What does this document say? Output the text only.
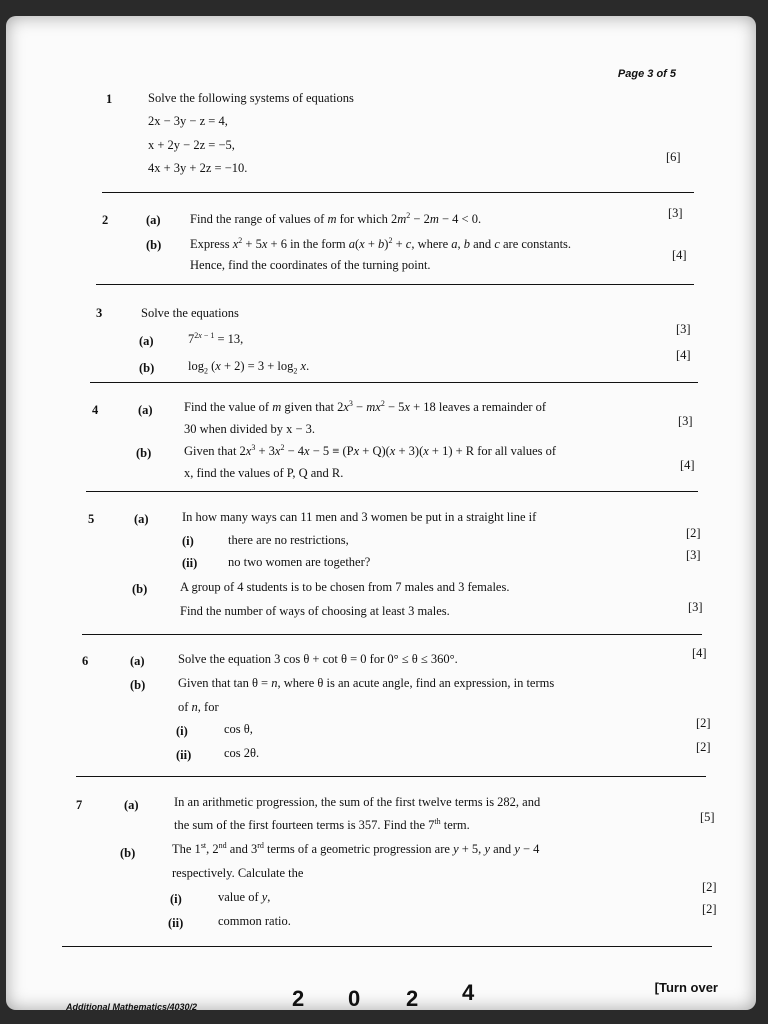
Page 3 of 5
1	Solve the following systems of equations
2x − 3y − z = 4,
x + 2y − 2z = −5,
4x + 3y + 2z = −10.
[6]
2	(a) Find the range of values of m for which $2m^2 - 2m - 4 < 0$.	[3]
(b) Express $x^2 + 5x + 6$ in the form $a(x + b)^2 + c$, where a, b and c are constants.
Hence, find the coordinates of the turning point.
[4]
3	Solve the equations
(a)	$7^{2x - 1} = 13$,
[3]
(b)	$\log_2 (x + 2) = 3 + \log_2 x$.
[4]
4	(a)	Find the value of m given that $2x^3 - mx^2 - 5x + 18$ leaves a remainder of
30 when divided by x − 3.
[3]
(b)	Given that $2x^3 + 3x^2 - 4x - 5 \equiv (Px + Q)(x + 3)(x + 1) + R$ for all values of
x, find the values of P, Q and R.
[4]
5	(a)	In how many ways can 11 men and 3 women be put in a straight line if
(i)	there are no restrictions,	[2]
(ii) no two women are together?	[3]
(b)	A group of 4 students is to be chosen from 7 males and 3 females.
Find the number of ways of choosing at least 3 males.	[3]
6	(a)	Solve the equation 3 cos θ + cot θ = 0 for 0° ≤ θ ≤ 360°.	[4]
(b)	Given that tan θ = n, where θ is an acute angle, find an expression, in terms
of n, for
(i)	cos θ,	[2]
(ii)	cos 2θ.	[2]
7	(a)	In an arithmetic progression, the sum of the first twelve terms is 282, and
the sum of the first fourteen terms is 357. Find the 7th term.
[5]
(b)	The 1st, 2nd and 3rd terms of a geometric progression are y + 5, y and y − 4
respectively. Calculate the
(i)	value of y,
[2]
(ii)	common ratio.
[2]
Additional Mathematics/4030/2	2 0 2 4	[Turn over
